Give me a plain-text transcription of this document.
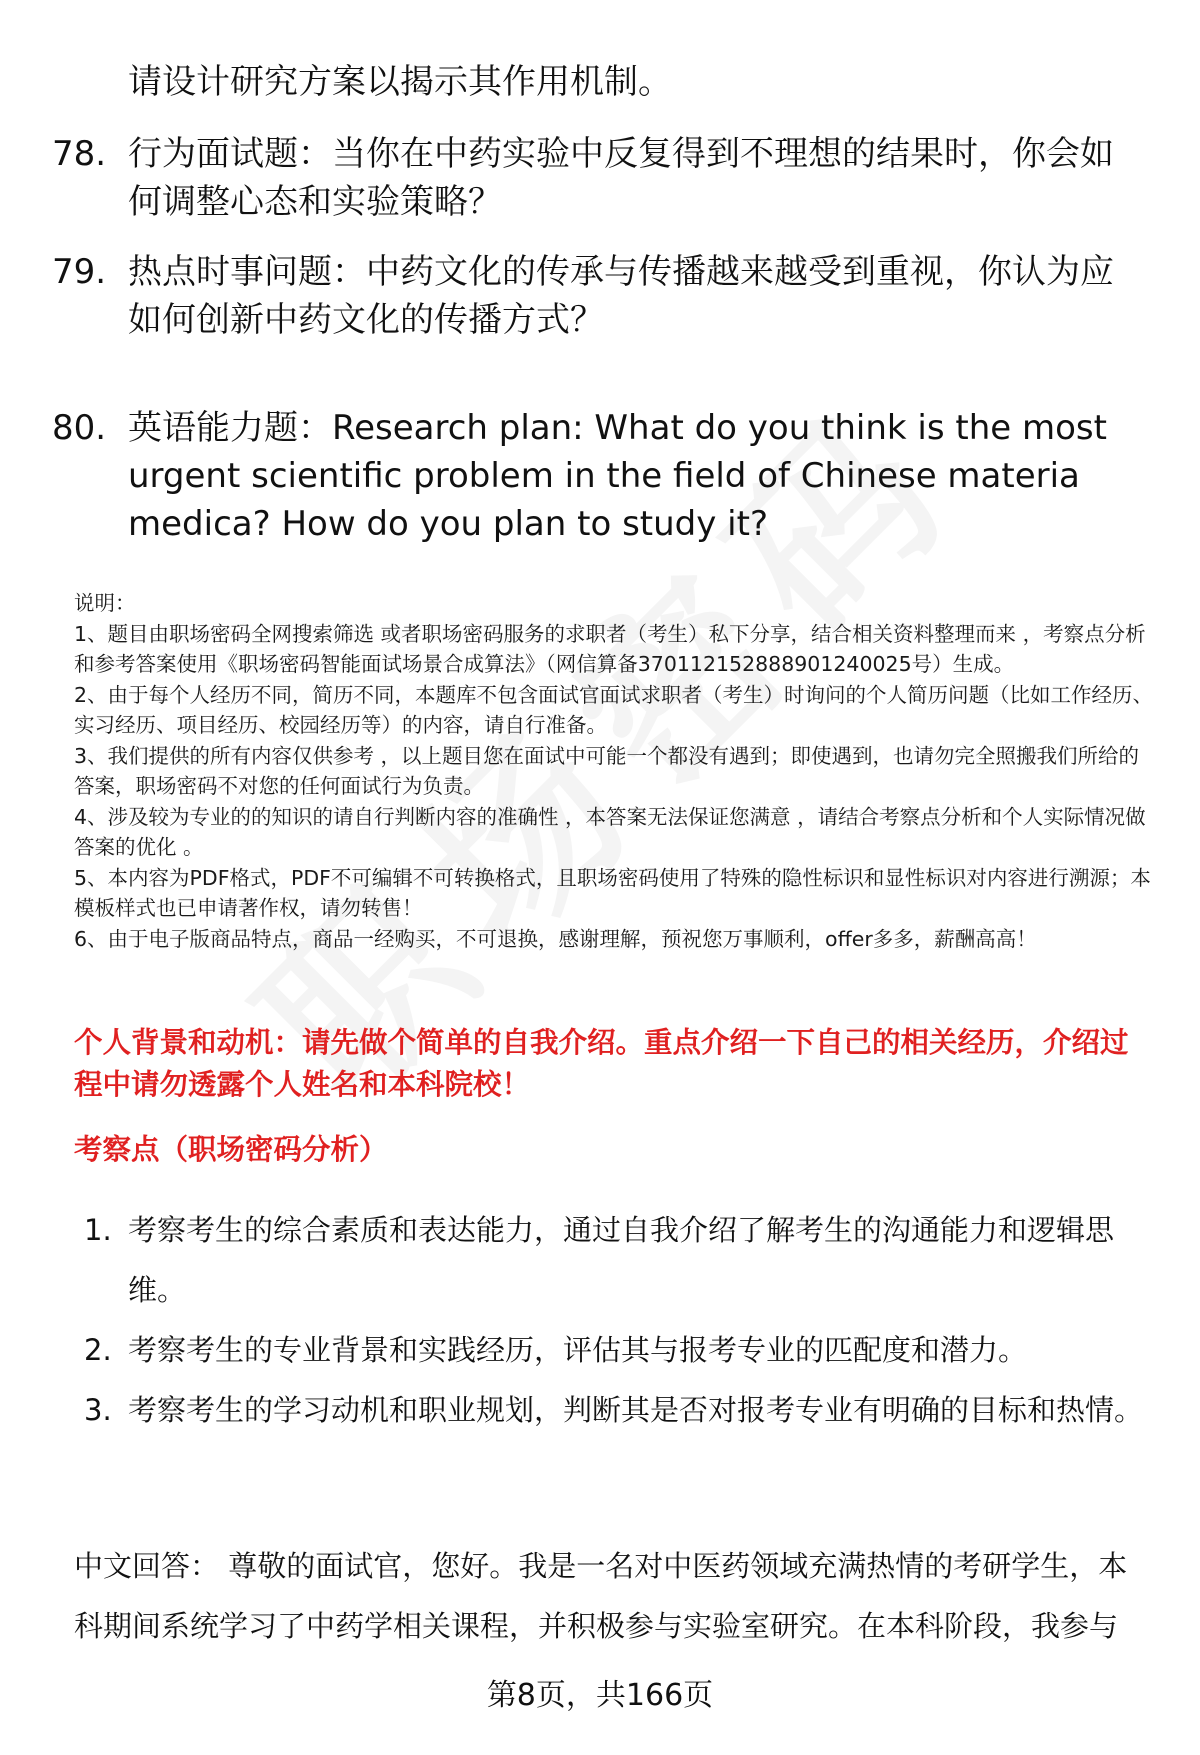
请设计研究方案以揭示其作用机制。
78. 行为面试题：当你在中药实验中反复得到不理想的结果时，你会如何调整心态和实验策略？
79. 热点时事问题：中药文化的传承与传播越来越受到重视，你认为应如何创新中药文化的传播方式？
80. 英语能力题：Research plan: What do you think is the most urgent scientific problem in the field of Chinese materia medica? How do you plan to study it?
说明：
1、题目由职场密码全网搜索筛选 或者职场密码服务的求职者（考生）私下分享，结合相关资料整理而来 ，考察点分析和参考答案使用《职场密码智能面试场景合成算法》（网信算备370112152888901240025号）生成。
2、由于每个人经历不同，简历不同，本题库不包含面试官面试求职者（考生）时询问的个人简历问题（比如工作经历、实习经历、项目经历、校园经历等）的内容，请自行准备。
3、我们提供的所有内容仅供参考 ，以上题目您在面试中可能一个都没有遇到；即使遇到，也请勿完全照搬我们所给的答案，职场密码不对您的任何面试行为负责。
4、涉及较为专业的的知识的请自行判断内容的准确性 ，本答案无法保证您满意 ，请结合考察点分析和个人实际情况做答案的优化 。
5、本内容为PDF格式，PDF不可编辑不可转换格式，且职场密码使用了特殊的隐性标识和显性标识对内容进行溯源；本模板样式也已申请著作权，请勿转售！
6、由于电子版商品特点，商品一经购买，不可退换，感谢理解，预祝您万事顺利，offer多多，薪酬高高！
个人背景和动机：请先做个简单的自我介绍。重点介绍一下自己的相关经历，介绍过程中请勿透露个人姓名和本科院校！
考察点（职场密码分析）
1. 考察考生的综合素质和表达能力，通过自我介绍了解考生的沟通能力和逻辑思维。
2. 考察考生的专业背景和实践经历，评估其与报考专业的匹配度和潜力。
3. 考察考生的学习动机和职业规划，判断其是否对报考专业有明确的目标和热情。
中文回答： 尊敬的面试官，您好。我是一名对中医药领域充满热情的考研学生，本科期间系统学习了中药学相关课程，并积极参与实验室研究。在本科阶段，我参与
第8页，共166页
